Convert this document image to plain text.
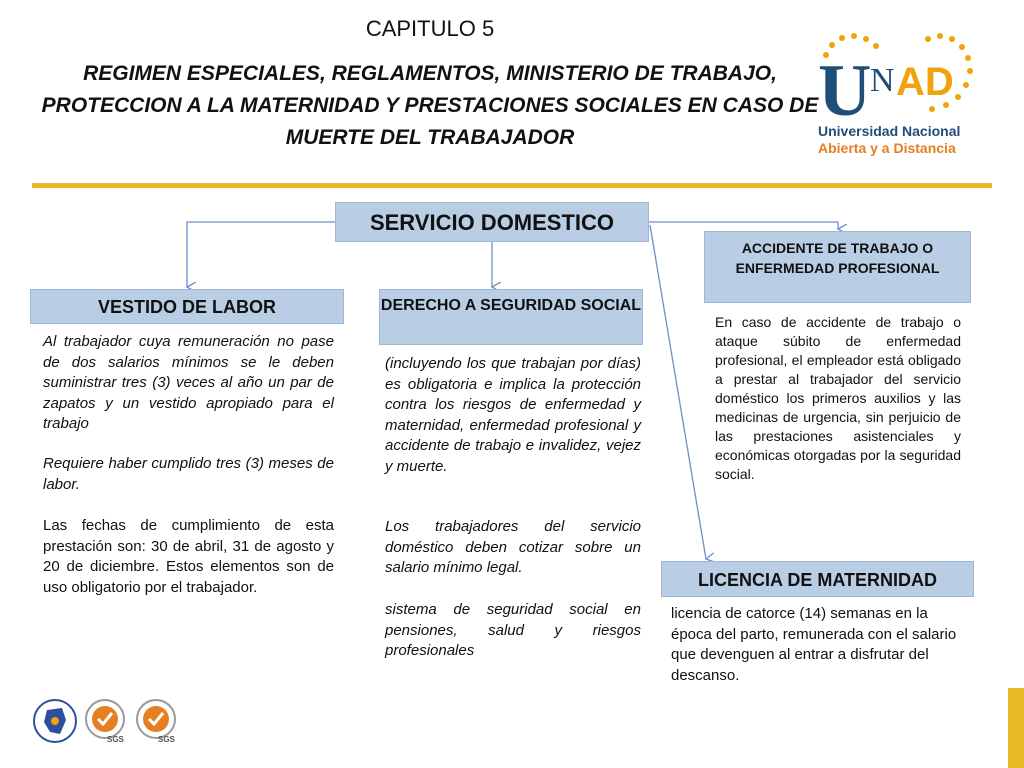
CAPITULO 5
REGIMEN ESPECIALES, REGLAMENTOS, MINISTERIO DE TRABAJO, PROTECCION A LA MATERNIDAD Y PRESTACIONES SOCIALES EN CASO DE MUERTE DEL TRABAJADOR
U
N AD
Universidad Nacional
Abierta y a Distancia
SERVICIO DOMESTICO
VESTIDO DE LABOR	DERECHO A SEGURIDAD SOCIAL
ACCIDENTE DE TRABAJO O ENFERMEDAD PROFESIONAL
LICENCIA DE MATERNIDAD
Al trabajador cuya remuneración no pase de dos salarios mínimos se le deben suministrar tres (3) veces al año un par de zapatos y un vestido apropiado para el trabajo
Requiere haber cumplido tres (3) meses de labor.
Las fechas de cumplimiento de esta prestación son: 30 de abril, 31 de agosto y 20 de diciembre. Estos elementos son de uso obligatorio por el trabajador.
(incluyendo los que trabajan por días) es obligatoria e implica la protección contra los riesgos de enfermedad y maternidad, enfermedad profesional y accidente de trabajo e invalidez, vejez y muerte.
Los trabajadores del servicio doméstico deben cotizar sobre un salario mínimo legal.
sistema de seguridad social en pensiones, salud y riesgos profesionales
En caso de accidente de trabajo o ataque súbito de enfermedad profesional, el empleador está obligado a prestar al trabajador del servicio doméstico los primeros auxilios y las medicinas de urgencia, sin perjuicio de las prestaciones asistenciales y económicas otorgadas por la seguridad social.
licencia de catorce (14) semanas en la época del parto, remunerada con el salario que devenguen al entrar a disfrutar del descanso.
SGS	SGS
